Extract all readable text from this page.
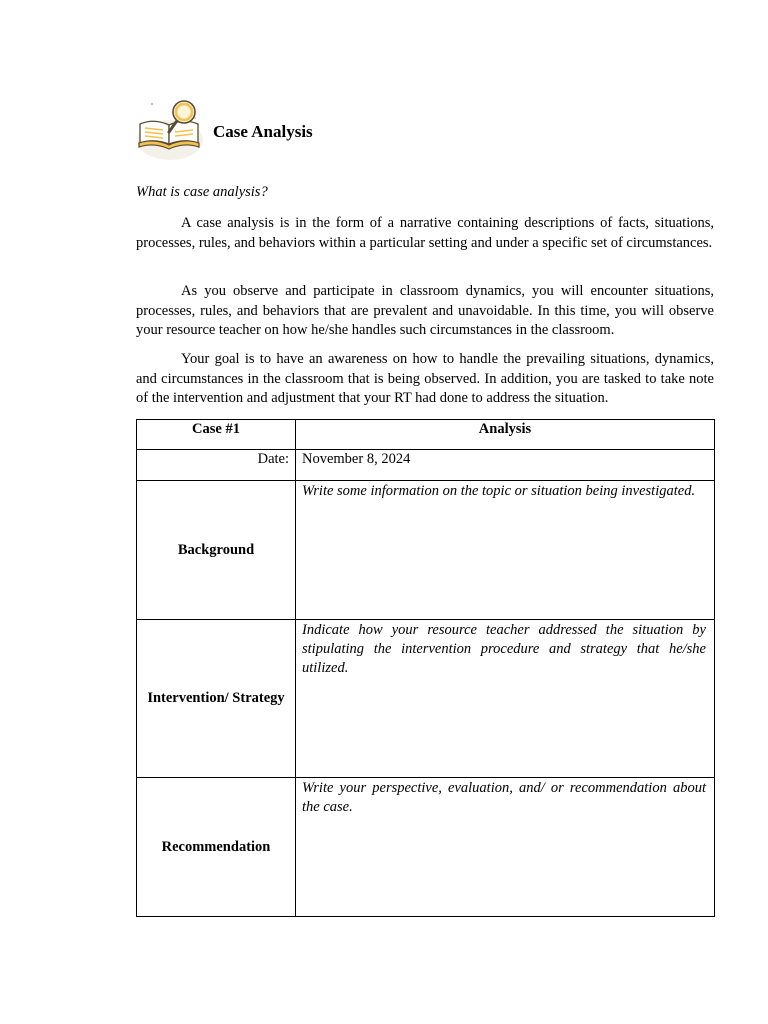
Case Analysis
What is case analysis?

A case analysis is in the form of a narrative containing descriptions of facts, situations, processes, rules, and behaviors within a particular setting and under a specific set of circumstances.

As you observe and participate in classroom dynamics, you will encounter situations, processes, rules, and behaviors that are prevalent and unavoidable. In this time, you will observe your resource teacher on how he/she handles such circumstances in the classroom.

Your goal is to have an awareness on how to handle the prevailing situations, dynamics, and circumstances in the classroom that is being observed. In addition, you are tasked to take note of the intervention and adjustment that your RT had done to address the situation.

Case #1	Analysis

Date:	November 8, 2024
Background	Write some information on the topic or situation being investigated.
Intervention/ Strategy	Indicate how your resource teacher addressed the situation by stipulating the intervention procedure and strategy that he/she utilized.
Recommendation	Write your perspective, evaluation, and/ or recommendation about the case.
